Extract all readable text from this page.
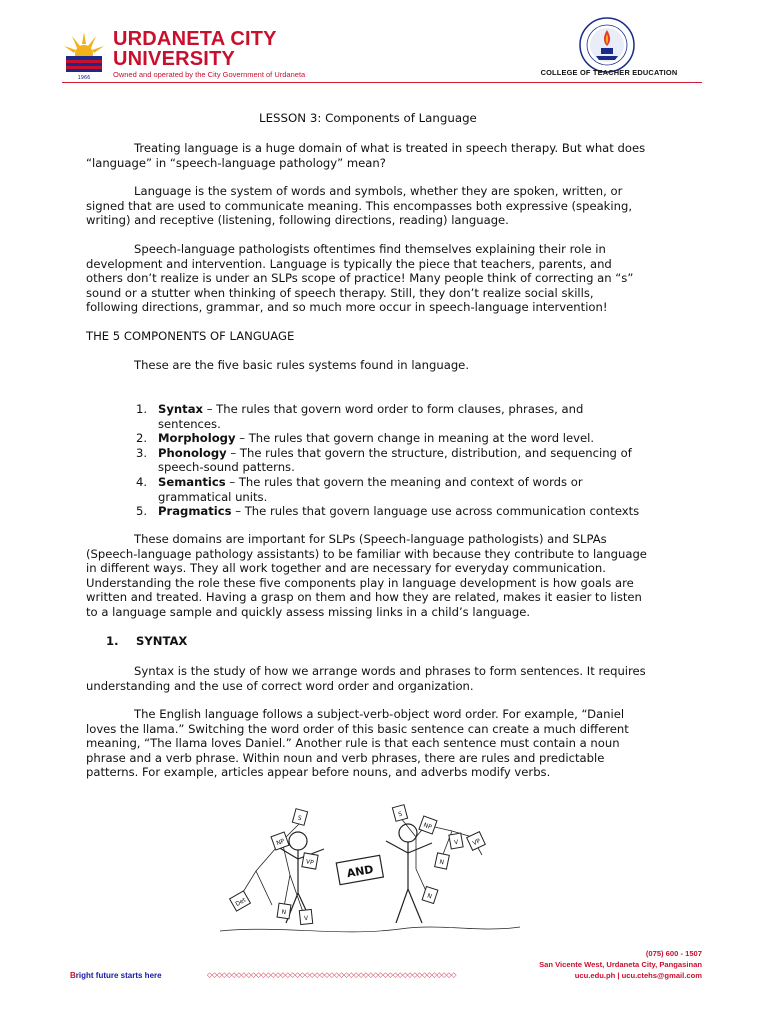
1966
URDANETA CITY
UNIVERSITY
Owned and operated by the City Government of Urdaneta	COLLEGE OF TEACHER EDUCATION
LESSON 3: Components of Language
Treating language is a huge domain of what is treated in speech therapy. But what does
“language” in “speech-language pathology” mean?
Language is the system of words and symbols, whether they are spoken, written, or
signed that are used to communicate meaning. This encompasses both expressive (speaking,
writing) and receptive (listening, following directions, reading) language.
Speech-language pathologists oftentimes find themselves explaining their role in
development and intervention. Language is typically the piece that teachers, parents, and
others don’t realize is under an SLPs scope of practice! Many people think of correcting an “s”
sound or a stutter when thinking of speech therapy. Still, they don’t realize social skills,
following directions, grammar, and so much more occur in speech-language intervention!
THE 5 COMPONENTS OF LANGUAGE
These are the five basic rules systems found in language.
1. Syntax – The rules that govern word order to form clauses, phrases, and
sentences.
2. Morphology – The rules that govern change in meaning at the word level.
3. Phonology – The rules that govern the structure, distribution, and sequencing of
speech-sound patterns.
4. Semantics – The rules that govern the meaning and context of words or
grammatical units.
5. Pragmatics – The rules that govern language use across communication contexts
These domains are important for SLPs (Speech-language pathologists) and SLPAs
(Speech-language pathology assistants) to be familiar with because they contribute to language
in different ways. They all work together and are necessary for everyday communication.
Understanding the role these five components play in language development is how goals are
written and treated. Having a grasp on them and how they are related, makes it easier to listen
to a language sample and quickly assess missing links in a child’s language.
1. SYNTAX
Syntax is the study of how we arrange words and phrases to form sentences. It requires
understanding and the use of correct word order and organization.
The English language follows a subject-verb-object word order. For example, “Daniel
loves the llama.” Switching the word order of this basic sentence can create a much different
meaning, “The llama loves Daniel.” Another rule is that each sentence must contain a noun
phrase and a verb phrase. Within noun and verb phrases, there are rules and predictable
patterns. For example, articles appear before nouns, and adverbs modify verbs.
AND
S
NP
VP
Det
N
V
S
NP
VP
N
V
N
Bright future starts here	◇◇◇◇◇◇◇◇◇◇◇◇◇◇◇◇◇◇◇◇◇◇◇◇◇◇◇◇◇◇◇◇◇◇◇◇◇◇◇◇◇◇◇◇◇◇◇◇◇◇◇
(075) 600 - 1507
San Vicente West, Urdaneta City, Pangasinan
ucu.edu.ph | ucu.ctehs@gmail.com
